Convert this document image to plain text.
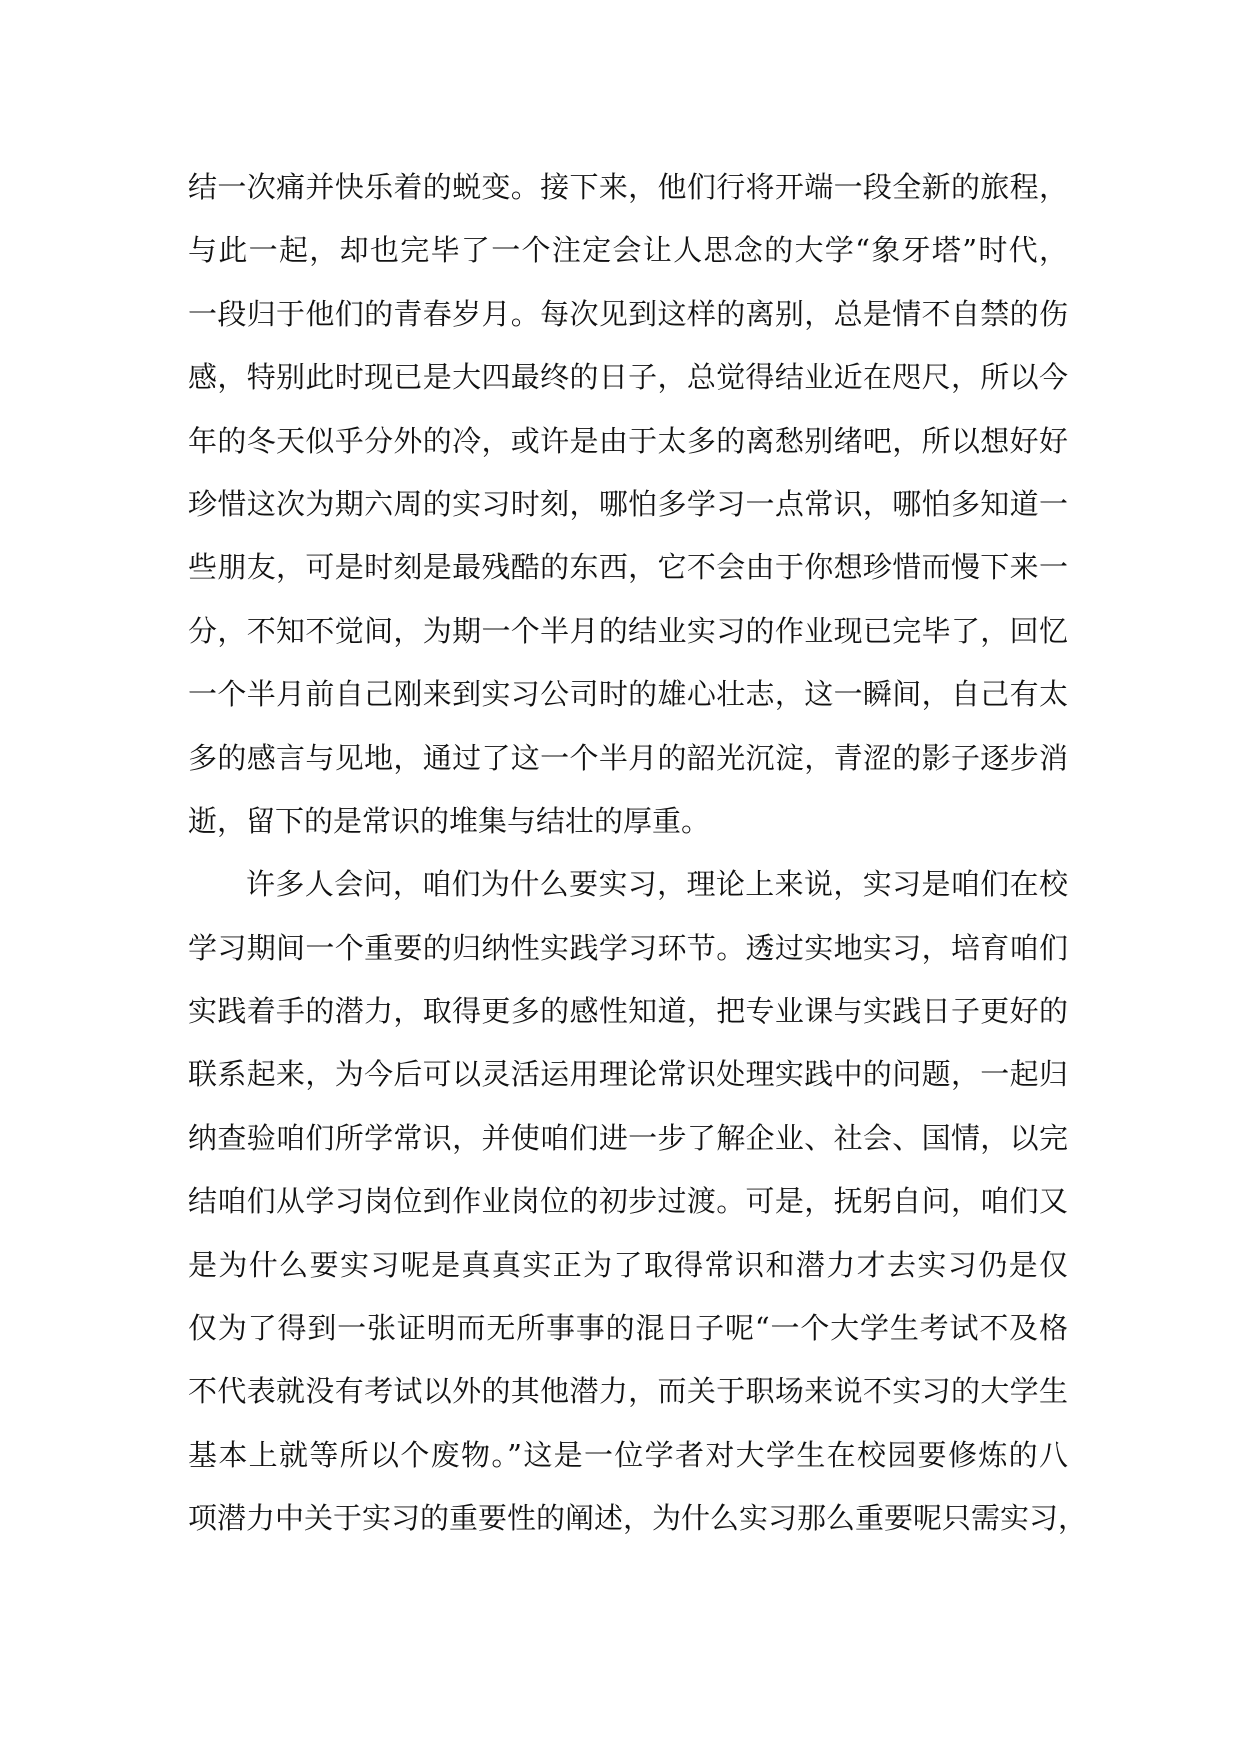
结一次痛并快乐着的蜕变。接下来，他们行将开端一段全新的旅程，
与此一起，却也完毕了一个注定会让人思念的大学“象牙塔”时代，
一段归于他们的青春岁月。每次见到这样的离别，总是情不自禁的伤
感，特别此时现已是大四最终的日子，总觉得结业近在咫尺，所以今
年的冬天似乎分外的冷，或许是由于太多的离愁别绪吧，所以想好好
珍惜这次为期六周的实习时刻，哪怕多学习一点常识，哪怕多知道一
些朋友，可是时刻是最残酷的东西，它不会由于你想珍惜而慢下来一
分，不知不觉间，为期一个半月的结业实习的作业现已完毕了，回忆
一个半月前自己刚来到实习公司时的雄心壮志，这一瞬间，自己有太
多的感言与见地，通过了这一个半月的韶光沉淀，青涩的影子逐步消
逝，留下的是常识的堆集与结壮的厚重。
许多人会问，咱们为什么要实习，理论上来说，实习是咱们在校
学习期间一个重要的归纳性实践学习环节。透过实地实习，培育咱们
实践着手的潜力，取得更多的感性知道，把专业课与实践日子更好的
联系起来，为今后可以灵活运用理论常识处理实践中的问题，一起归
纳查验咱们所学常识，并使咱们进一步了解企业、社会、国情，以完
结咱们从学习岗位到作业岗位的初步过渡。可是，抚躬自问，咱们又
是为什么要实习呢是真真实正为了取得常识和潜力才去实习仍是仅
仅为了得到一张证明而无所事事的混日子呢“一个大学生考试不及格
不代表就没有考试以外的其他潜力，而关于职场来说不实习的大学生
基本上就等所以个废物。”这是一位学者对大学生在校园要修炼的八
项潜力中关于实习的重要性的阐述，为什么实习那么重要呢只需实习，
